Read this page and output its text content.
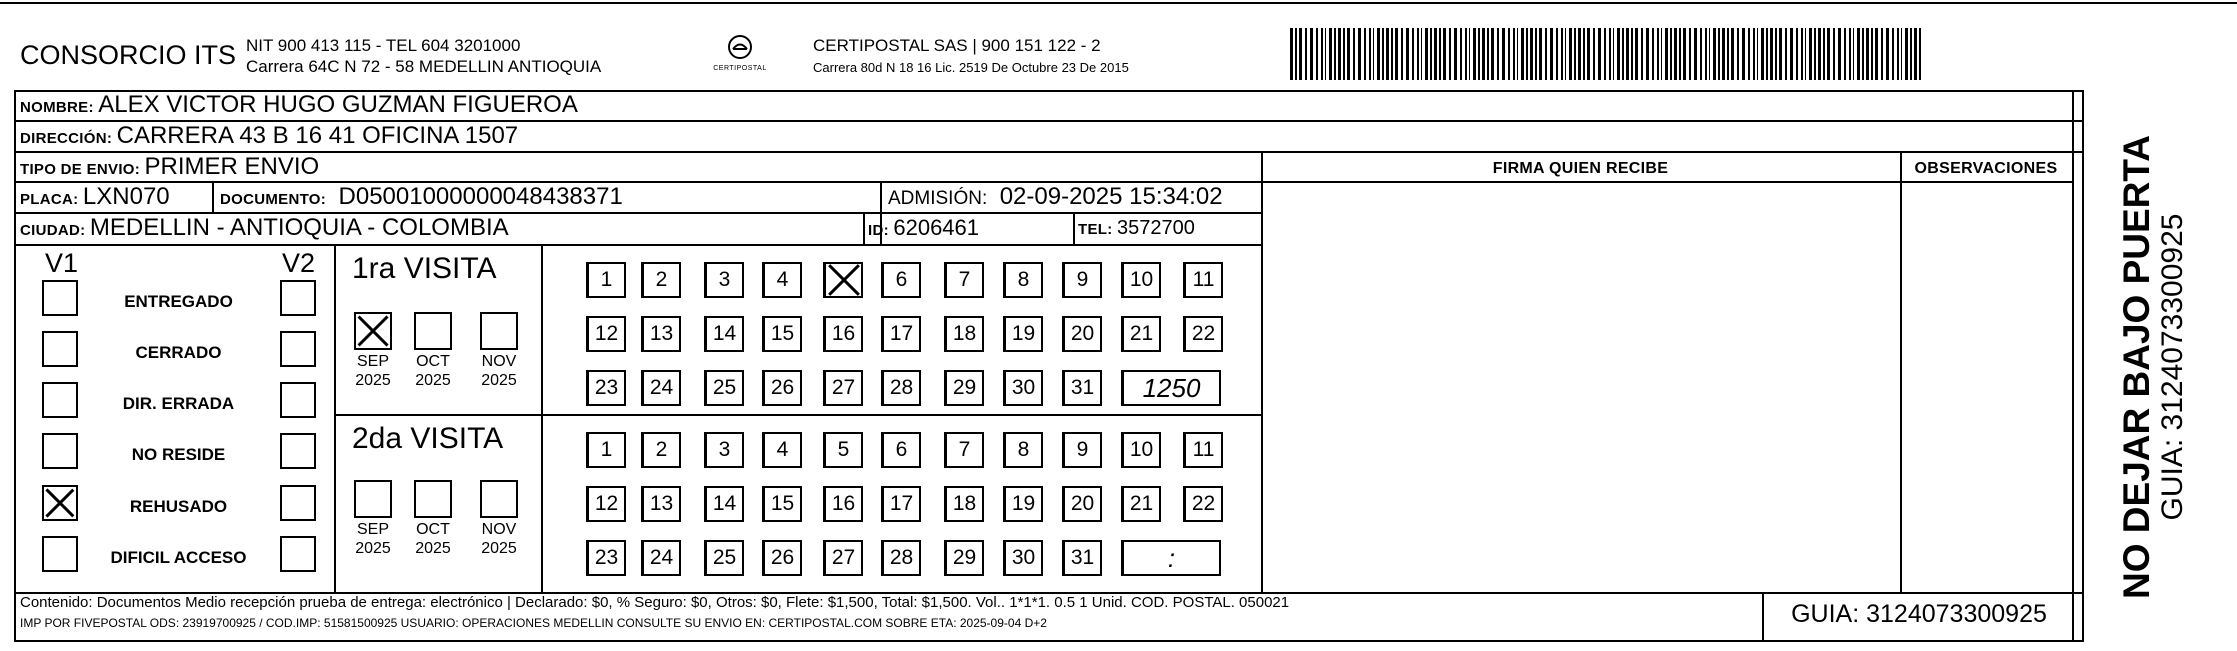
CONSORCIO ITS NIT 900 413 115 - TEL 604 3201000
Carrera 64C N 72 - 58 MEDELLIN ANTIOQUIA	CERTIPOSTAL
CERTIPOSTAL SAS | 900 151 122 - 2
Carrera 80d N 18 16 Lic. 2519 De Octubre 23 De 2015
NOMBRE: ALEX VICTOR HUGO GUZMAN FIGUEROA
DIRECCIÓN: CARRERA 43 B 16 41 OFICINA 1507
TIPO DE ENVIO: PRIMER ENVIO
PLACA: LXN070	DOCUMENTO: D05001000000048438371	ADMISIÓN: 02-09-2025 15:34:02
CIUDAD: MEDELLIN - ANTIOQUIA - COLOMBIA	ID: 6206461	TEL: 3572700
FIRMA QUIEN RECIBE	OBSERVACIONES	NO DEJAR BAJO PUERTA GUIA: 3124073300925
V1	V2
ENTREGADO
CERRADO
DIR. ERRADA
NO RESIDE
REHUSADO
DIFICIL ACCESO
1ra VISITA
2da VISITA
1	2	3	4	6	7	8	9	10	11
12	13	14	15	16	17	18	19	20	21	22
23	24	25	26	27	28	29	30	31	1250
1	2	3	4	5	6	7	8	9	10	11
12	13	14	15	16	17	18	19	20	21	22
23	24	25	26	27	28	29	30	31	:
SEP
2025
OCT
2025
NOV
2025
SEP
2025
OCT
2025
NOV
2025
Contenido: Documentos Medio recepción prueba de entrega: electrónico | Declarado: $0, % Seguro: $0, Otros: $0, Flete: $1,500, Total: $1,500. Vol.. 1*1*1. 0.5 1 Unid. COD. POSTAL. 050021
IMP POR FIVEPOSTAL ODS: 23919700925 / COD.IMP: 51581500925 USUARIO: OPERACIONES MEDELLIN CONSULTE SU ENVIO EN: CERTIPOSTAL.COM SOBRE ETA: 2025-09-04 D+2	GUIA: 3124073300925
